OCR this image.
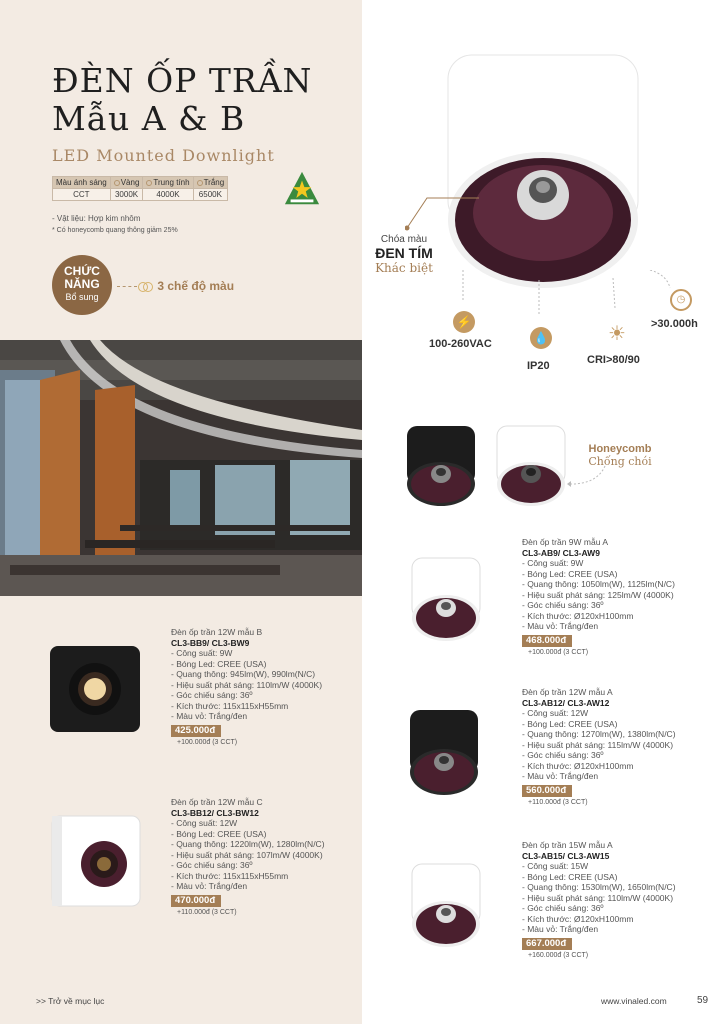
ĐÈN ỐP TRẦN
Mẫu A & B
LED Mounted Downlight
Màu ánh sáng	Vàng	Trung tính	Trắng
CCT	3000K	4000K	6500K
- Vật liệu: Hợp kim nhôm
* Có honeycomb quang thông giảm 25%
CHỨC
NĂNG
Bổ sung
3 chế độ màu
Chóa màu
ĐEN TÍM
Khác biệt
⚡
100-260VAC	💧
IP20
☀
CRI>80/90
◷
>30.000h
Honeycomb
Chống chói
Đèn ốp trần 9W mẫu A
CL3-AB9/ CL3-AW9
- Công suất: 9W
- Bóng Led: CREE (USA)
- Quang thông: 1050lm(W), 1125lm(N/C)
- Hiệu suất phát sáng: 125lm/W (4000K)
- Góc chiếu sáng: 36º
- Kích thước: Ø120xH100mm
- Màu vỏ: Trắng/đen
468.000đ
+100.000đ (3 CCT)
Đèn ốp trần 12W mẫu B
CL3-BB9/ CL3-BW9
- Công suất: 9W
- Bóng Led: CREE (USA)
- Quang thông: 945lm(W), 990lm(N/C)
- Hiệu suất phát sáng: 110lm/W (4000K)
- Góc chiếu sáng: 36º
- Kích thước: 115x115xH55mm
- Màu vỏ: Trắng/đen
425.000đ
+100.000đ (3 CCT)
Đèn ốp trần 12W mẫu A
CL3-AB12/ CL3-AW12
- Công suất: 12W
- Bóng Led: CREE (USA)
- Quang thông: 1270lm(W), 1380lm(N/C)
- Hiệu suất phát sáng: 115lm/W (4000K)
- Góc chiếu sáng: 36º
- Kích thước: Ø120xH100mm
- Màu vỏ: Trắng/đen
560.000đ
+110.000đ (3 CCT)
Đèn ốp trần 12W mẫu C
CL3-BB12/ CL3-BW12
- Công suất: 12W
- Bóng Led: CREE (USA)
- Quang thông: 1220lm(W), 1280lm(N/C)
- Hiệu suất phát sáng: 107lm/W (4000K)
- Góc chiếu sáng: 36º
- Kích thước: 115x115xH55mm
- Màu vỏ: Trắng/đen
470.000đ
+110.000đ (3 CCT)
Đèn ốp trần 15W mẫu A
CL3-AB15/ CL3-AW15
- Công suất: 15W
- Bóng Led: CREE (USA)
- Quang thông: 1530lm(W), 1650lm(N/C)
- Hiệu suất phát sáng: 110lm/W (4000K)
- Góc chiếu sáng: 36º
- Kích thước: Ø120xH100mm
- Màu vỏ: Trắng/đen
667.000đ
+160.000đ (3 CCT)
>> Trở về mục lục	www.vinaled.com	59
